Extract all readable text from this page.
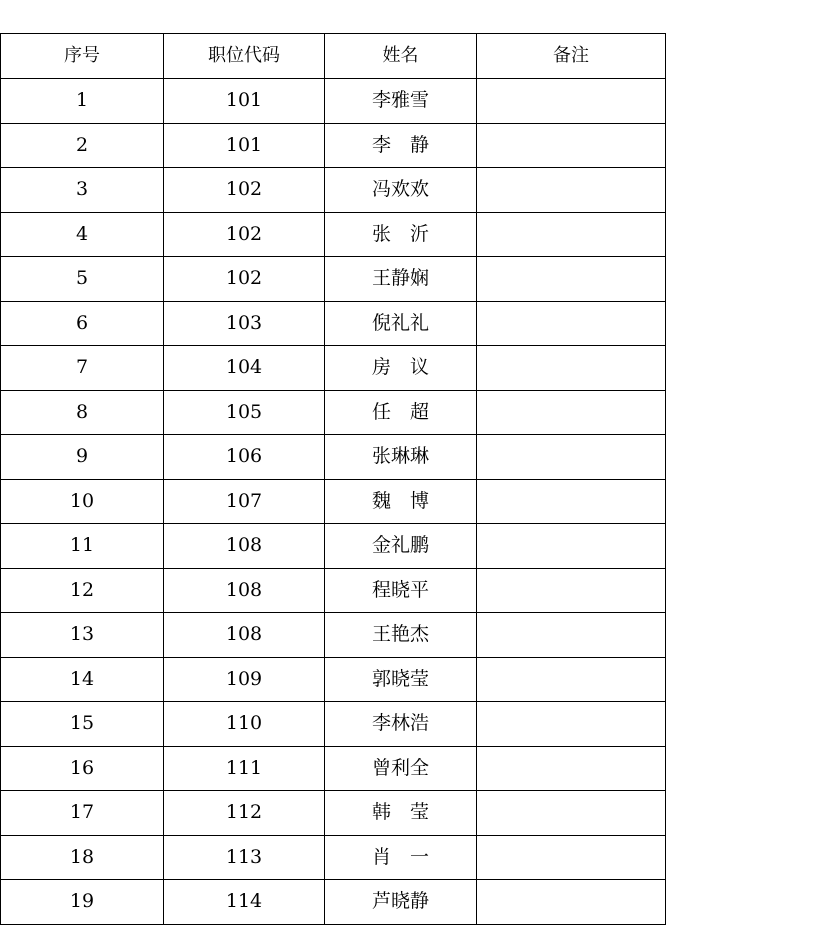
序号	职位代码	姓名	备注
1	101	李雅雪	
2	101	李　静	
3	102	冯欢欢	
4	102	张　沂	
5	102	王静娴	
6	103	倪礼礼	
7	104	房　议	
8	105	任　超	
9	106	张琳琳	
10	107	魏　博	
11	108	金礼鹏	
12	108	程晓平	
13	108	王艳杰	
14	109	郭晓莹	
15	110	李林浩	
16	111	曾利全	
17	112	韩　莹	
18	113	肖　一	
19	114	芦晓静	
